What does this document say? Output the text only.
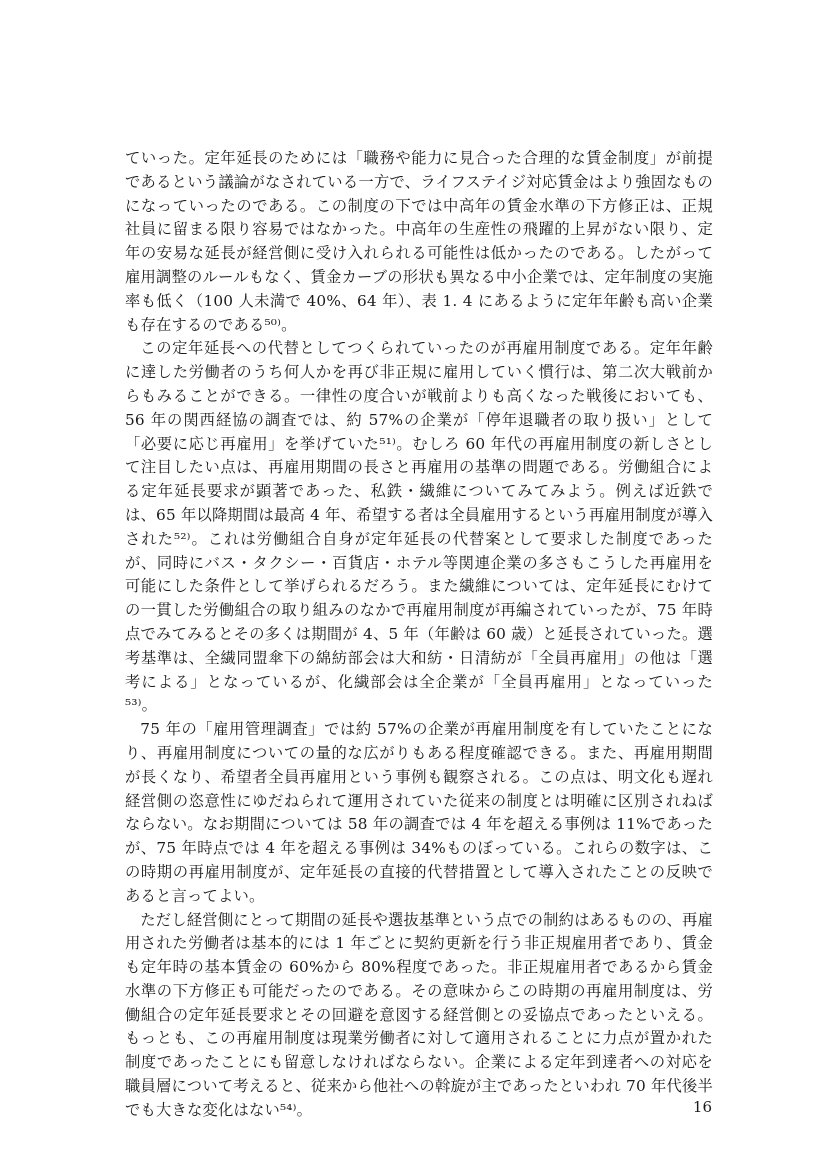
ていった。定年延長のためには「職務や能力に見合った合理的な賃金制度」が前提であるという議論がなされている一方で、ライフステイジ対応賃金はより強固なものになっていったのである。この制度の下では中高年の賃金水準の下方修正は、正規社員に留まる限り容易ではなかった。中高年の生産性の飛躍的上昇がない限り、定年の安易な延長が経営側に受け入れられる可能性は低かったのである。したがって雇用調整のルールもなく、賃金カーブの形状も異なる中小企業では、定年制度の実施率も低く（100 人未満で 40%、64 年）、表 1. 4 にあるように定年年齢も高い企業も存在するのである⁵⁰⁾。

この定年延長への代替としてつくられていったのが再雇用制度である。定年年齢に達した労働者のうち何人かを再び非正規に雇用していく慣行は、第二次大戦前からもみることができる。一律性の度合いが戦前よりも高くなった戦後においても、56 年の関西経協の調査では、約 57%の企業が「停年退職者の取り扱い」として「必要に応じ再雇用」を挙げていた⁵¹⁾。むしろ 60 年代の再雇用制度の新しさとして注目したい点は、再雇用期間の長さと再雇用の基準の問題である。労働組合による定年延長要求が顕著であった、私鉄・繊維についてみてみよう。例えば近鉄では、65 年以降期間は最高 4 年、希望する者は全員雇用するという再雇用制度が導入された⁵²⁾。これは労働組合自身が定年延長の代替案として要求した制度であったが、同時にバス・タクシー・百貨店・ホテル等関連企業の多さもこうした再雇用を可能にした条件として挙げられるだろう。また繊維については、定年延長にむけての一貫した労働組合の取り組みのなかで再雇用制度が再編されていったが、75 年時点でみてみるとその多くは期間が 4、5 年（年齢は 60 歳）と延長されていった。選考基準は、全繊同盟傘下の綿紡部会は大和紡・日清紡が「全員再雇用」の他は「選考による」となっているが、化繊部会は全企業が「全員再雇用」となっていった⁵³⁾。

75 年の「雇用管理調査」では約 57%の企業が再雇用制度を有していたことになり、再雇用制度についての量的な広がりもある程度確認できる。また、再雇用期間が長くなり、希望者全員再雇用という事例も観察される。この点は、明文化も遅れ経営側の恣意性にゆだねられて運用されていた従来の制度とは明確に区別されねばならない。なお期間については 58 年の調査では 4 年を超える事例は 11%であったが、75 年時点では 4 年を超える事例は 34%ものぼっている。これらの数字は、この時期の再雇用制度が、定年延長の直接的代替措置として導入されたことの反映であると言ってよい。

ただし経営側にとって期間の延長や選抜基準という点での制約はあるものの、再雇用された労働者は基本的には 1 年ごとに契約更新を行う非正規雇用者であり、賃金も定年時の基本賃金の 60%から 80%程度であった。非正規雇用者であるから賃金水準の下方修正も可能だったのである。その意味からこの時期の再雇用制度は、労働組合の定年延長要求とその回避を意図する経営側との妥協点であったといえる。もっとも、この再雇用制度は現業労働者に対して適用されることに力点が置かれた制度であったことにも留意しなければならない。企業による定年到達者への対応を職員層について考えると、従来から他社への斡旋が主であったといわれ 70 年代後半でも大きな変化はない⁵⁴⁾。	16
